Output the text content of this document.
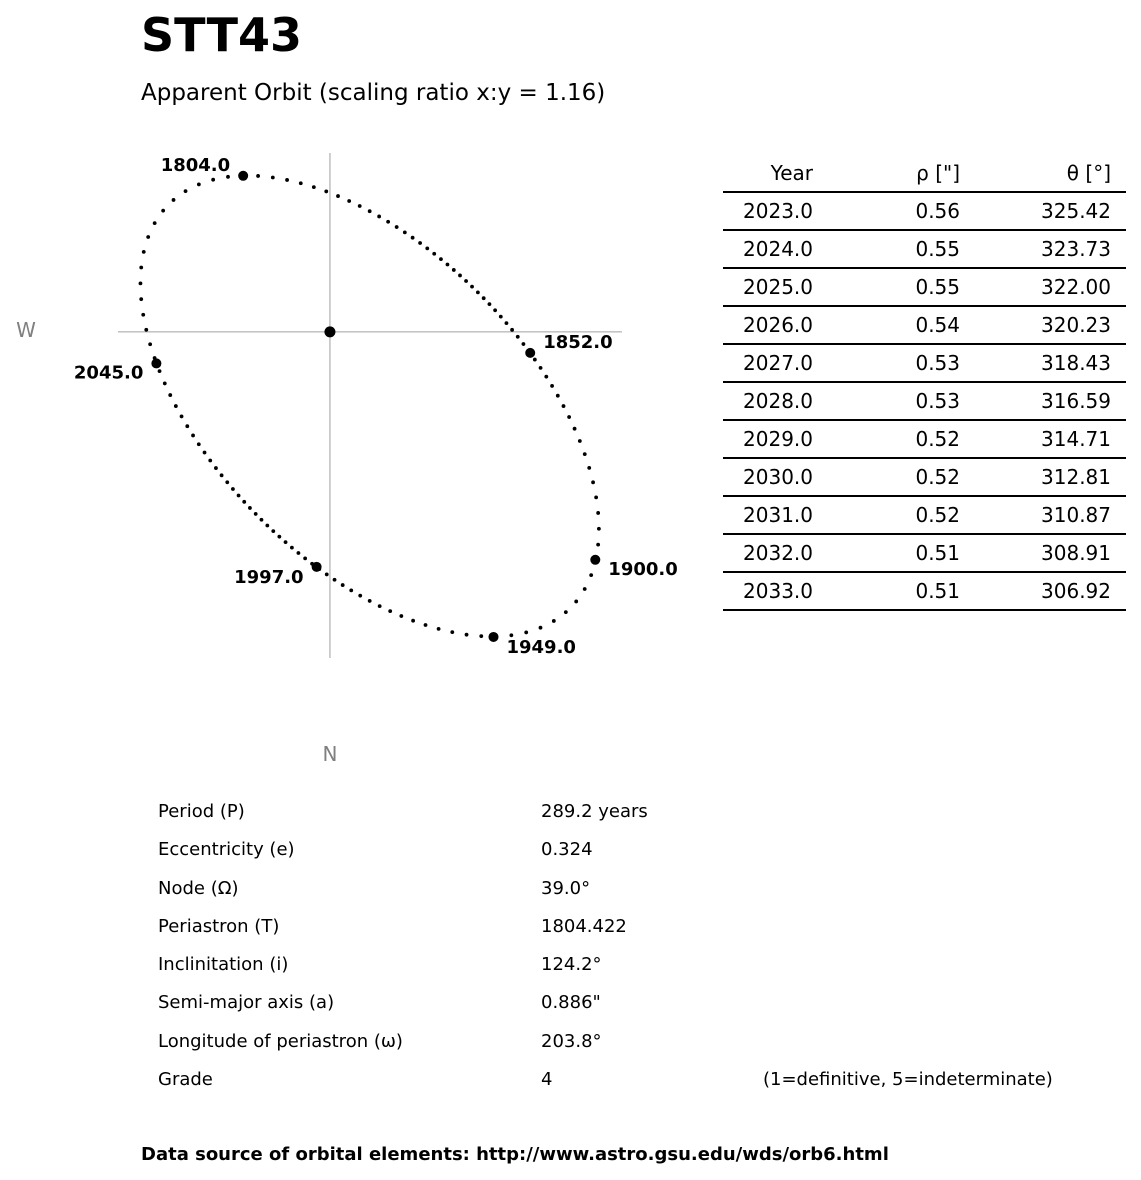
STT43
Apparent Orbit (scaling ratio x:y = 1.16)
1804.0
1852.0
1900.0
1949.0
1997.0
2045.0
W
N
Year	ρ ["]	θ [°]	
2023.0	0.56	325.42	
2024.0	0.55	323.73	
2025.0	0.55	322.00	
2026.0	0.54	320.23	
2027.0	0.53	318.43	
2028.0	0.53	316.59	
2029.0	0.52	314.71	
2030.0	0.52	312.81	
2031.0	0.52	310.87	
2032.0	0.51	308.91	
2033.0	0.51	306.92	
Period (P)	289.2 years
Eccentricity (e)	0.324
Node (Ω)	39.0°
Periastron (T)	1804.422
Inclinitation (i)	124.2°
Semi-major axis (a)	0.886"
Longitude of periastron (ω)	203.8°
Grade	4	(1=definitive, 5=indeterminate)
Data source of orbital elements: http://www.astro.gsu.edu/wds/orb6.html
